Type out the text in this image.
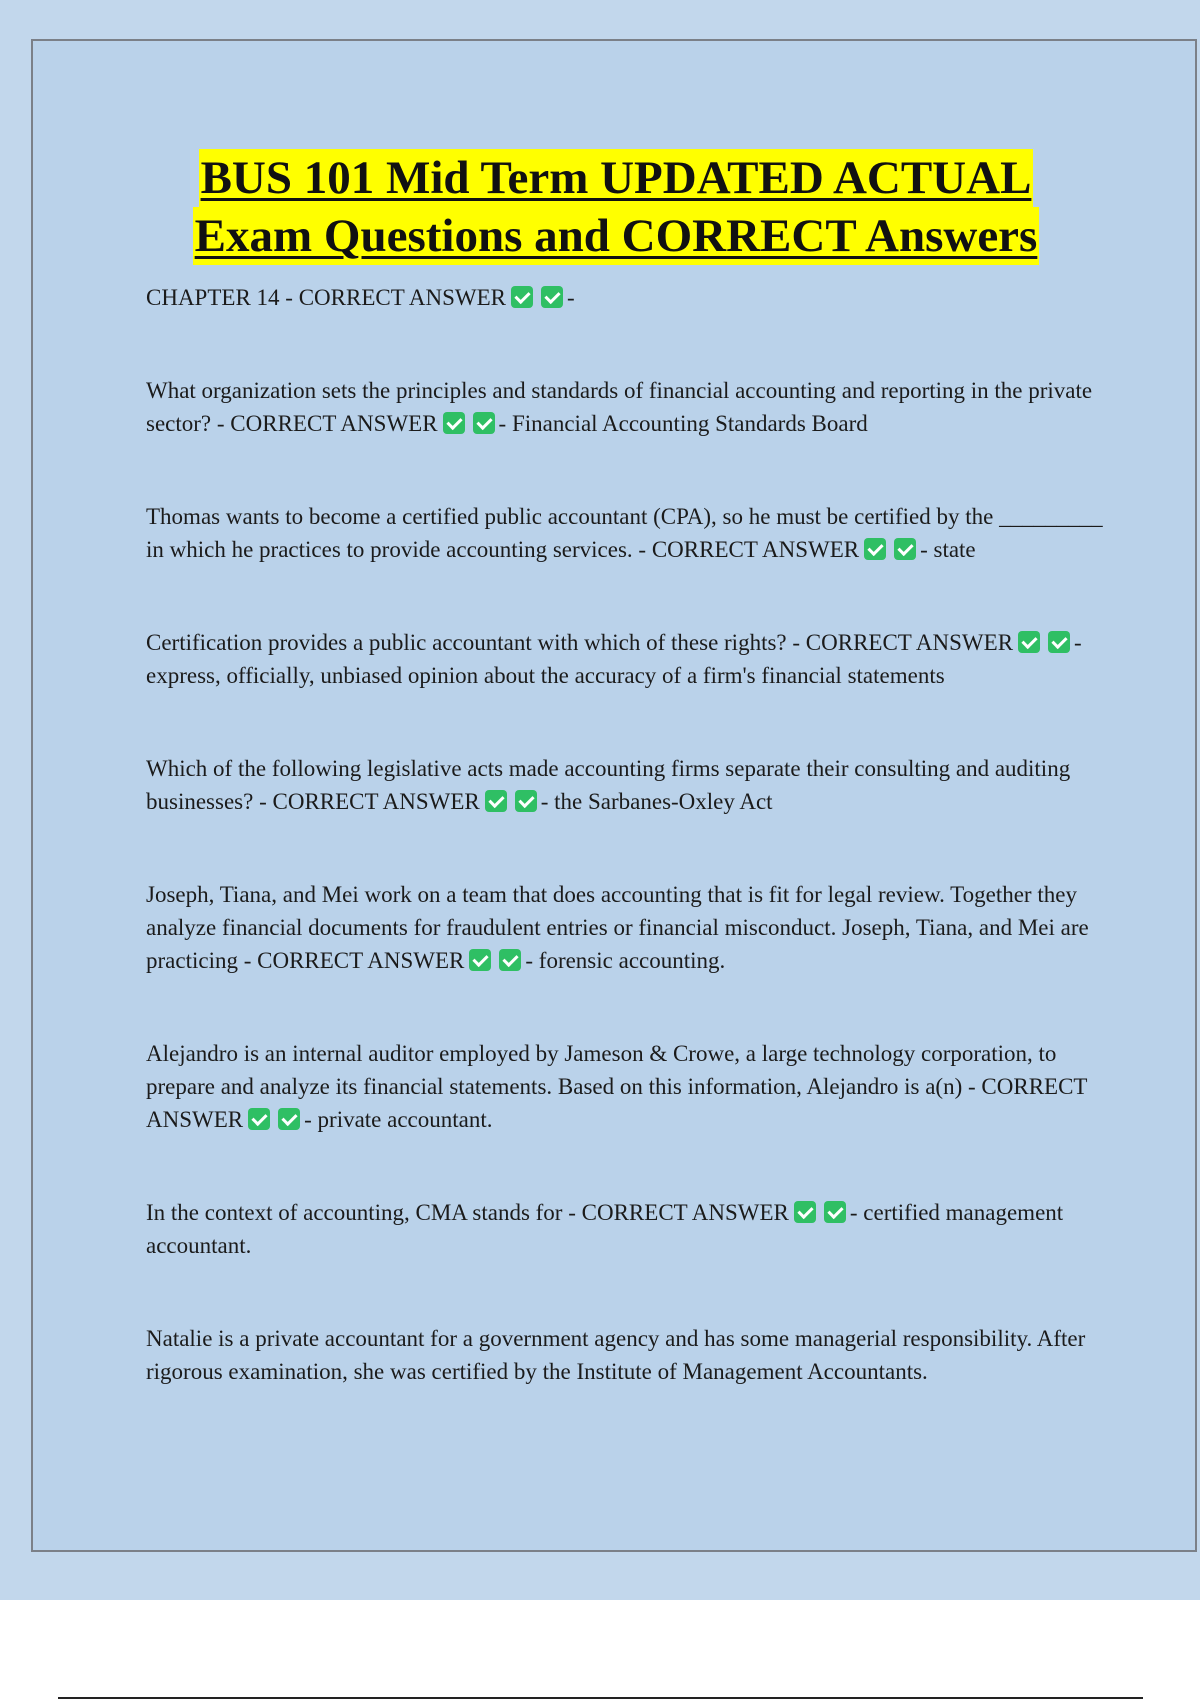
BUS 101 Mid Term UPDATED ACTUAL
Exam Questions and CORRECT Answers

CHAPTER 14 - CORRECT ANSWER	-

What organization sets the principles and standards of financial accounting and reporting in the private sector? - CORRECT ANSWER	- Financial Accounting Standards Board

Thomas wants to become a certified public accountant (CPA), so he must be certified by the _________ in which he practices to provide accounting services. - CORRECT ANSWER	- state

Certification provides a public accountant with which of these rights? - CORRECT ANSWER	- express, officially, unbiased opinion about the accuracy of a firm's financial statements

Which of the following legislative acts made accounting firms separate their consulting and auditing businesses? - CORRECT ANSWER	- the Sarbanes-Oxley Act

Joseph, Tiana, and Mei work on a team that does accounting that is fit for legal review. Together they analyze financial documents for fraudulent entries or financial misconduct. Joseph, Tiana, and Mei are practicing - CORRECT ANSWER	- forensic accounting.

Alejandro is an internal auditor employed by Jameson & Crowe, a large technology corporation, to prepare and analyze its financial statements. Based on this information, Alejandro is a(n) - CORRECT ANSWER	- private accountant.

In the context of accounting, CMA stands for - CORRECT ANSWER	- certified management accountant.

Natalie is a private accountant for a government agency and has some managerial responsibility. After rigorous examination, she was certified by the Institute of Management Accountants.
